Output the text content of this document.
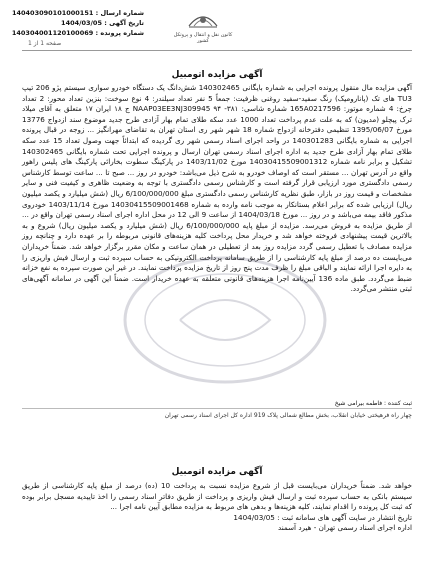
شماره ارسال : 140403090101000151
تاریخ آگهی : 1404/03/05
شماره پرونده : 140304001120100069	کانون نقل و انتقال و پروتکل کشور
صفحه 1 از 1
آگهی مزایده اتومبیل
آگهی مزایده مال منقول پرونده اجرایی به شماره بایگانی 140302465 شش‌دانگ یک دستگاه خودرو سواری سیستم پژو 206 تیپ TU3 های تک (پانارومیک) رنگ سفید-سفید روغنی ظرفیت: جمعاً 5 نفر تعداد سیلندر: 4 نوع سوخت: بنزین تعداد محور: 2 تعداد چرخ: 4 شماره موتور: 165A0217596 شماره شاسی: NAAP03EE3NJ309945 ۹۴ -۳۸۱ ج ۱۸ ایران ۱۷ متعلق به آقای میلاد ترک پیچلو (مدیون) که به علت عدم پرداخت تعداد 1000 عدد سکه طلای تمام بهار آزادی طرح جدید موضوع سند ازدواج 13776 مورخ 1395/06/07 تنظیمی دفترخانه ازدواج شماره 18 شهر شهر ری استان تهران به تقاضای مهرانگیز ... زوجه در قبال پرونده اجرایی به شماره بایگانی 140301283 در واحد اجرای اسناد رسمی شهر ری گردیده که ابتدائاً جهت وصول تعداد 15 عدد سکه طلای تمام بهار آزادی طرح جدید به اداره اجرای اسناد رسمی تهران ارسال و پرونده اجرایی تحت شماره بایگانی 140302465 تشکیل و برابر نامه شماره 14030415509001312 مورخ 1403/11/02 در پارکینگ سطوت بخارائی پارکینگ های پلیس راهور واقع در آدرس تهران ... مستقر است که اوصاف خودرو به شرح ذیل می‌باشد: خودرو در روز ... صبح تا ... ساعت توسط کارشناس رسمی دادگستری مورد ارزیابی قرار گرفته است و کارشناس رسمی دادگستری با توجه به وضعیت ظاهری و کیفیت فنی و سایر مشخصات و قیمت روز در بازار، طبق نظریه کارشناس رسمی دادگستری مبلغ 6/100/000/000 ریال (شش میلیارد و یکصد میلیون ریال) ارزیابی شده که برابر اعلام بستانکار به موجب نامه وارده به شماره 14030415509001468 مورخ 1403/11/14 خودروی مذکور فاقد بیمه می‌باشد و در روز ... مورخ 1404/03/18 از ساعت 9 الی 12 در محل اداره اجرای اسناد رسمی تهران واقع در ... از طریق مزایده به فروش می‌رسد. مزایده از مبلغ پایه 6/100/000/000 ریال (شش میلیارد و یکصد میلیون ریال) شروع و به بالاترین قیمت پیشنهادی فروخته خواهد شد و خریدار محل پرداخت کلیه هزینه‌های قانونی مربوطه را بر عهده دارد و چنانچه روز مزایده مصادف با تعطیل رسمی گردد مزایده روز بعد از تعطیلی در همان ساعت و مکان مقرر برگزار خواهد شد. ضمناً خریداران می‌بایست ده درصد از مبلغ پایه کارشناسی را از طریق سامانه پرداخت الکترونیکی به حساب سپرده ثبت و ارسال فیش واریزی را به دایره اجرا ارائه نمایند و الباقی مبلغ را ظرف مدت پنج روز از تاریخ مزایده پرداخت نمایند. در غیر این صورت سپرده به نفع خزانه ضبط می‌گردد. طبق ماده 136 آیین‌نامه اجرا هزینه‌های قانونی متعلقه به عهده خریدار است. ضمناً این آگهی در سامانه آگهی‌های ثبتی منتشر می‌گردد.
ثبت کننده : فاطمه بیرامی شیخ
چهار راه فرهیختی خیابان انقلاب، بخش مطالع شمالی پلاک 919 اداره کل اجرای اسناد رسمی تهران
آگهی مزایده اتومبیل
خواهد شد. ضمناً خریداران می‌بایست قبل از شروع مزایده نسبت به پرداخت 10 (ده) درصد از مبلغ پایه کارشناسی از طریق سیستم بانکی به حساب سپرده ثبت و ارسال فیش واریزی و پرداخت از طریق دفاتر اسناد رسمی را اخذ تاییدیه مسجل برابر بوده که ثبت کل پرونده را اقدام نمایند، کلیه هزینه‌ها و بدهی های مربوط به مزایده مطابق آیین نامه اجرا ...
تاریخ انتشار در سایت آگهی های سامانه ثبت : 1404/03/05
اداره اجرای اسناد رسمی تهران - هیرد آسمند
